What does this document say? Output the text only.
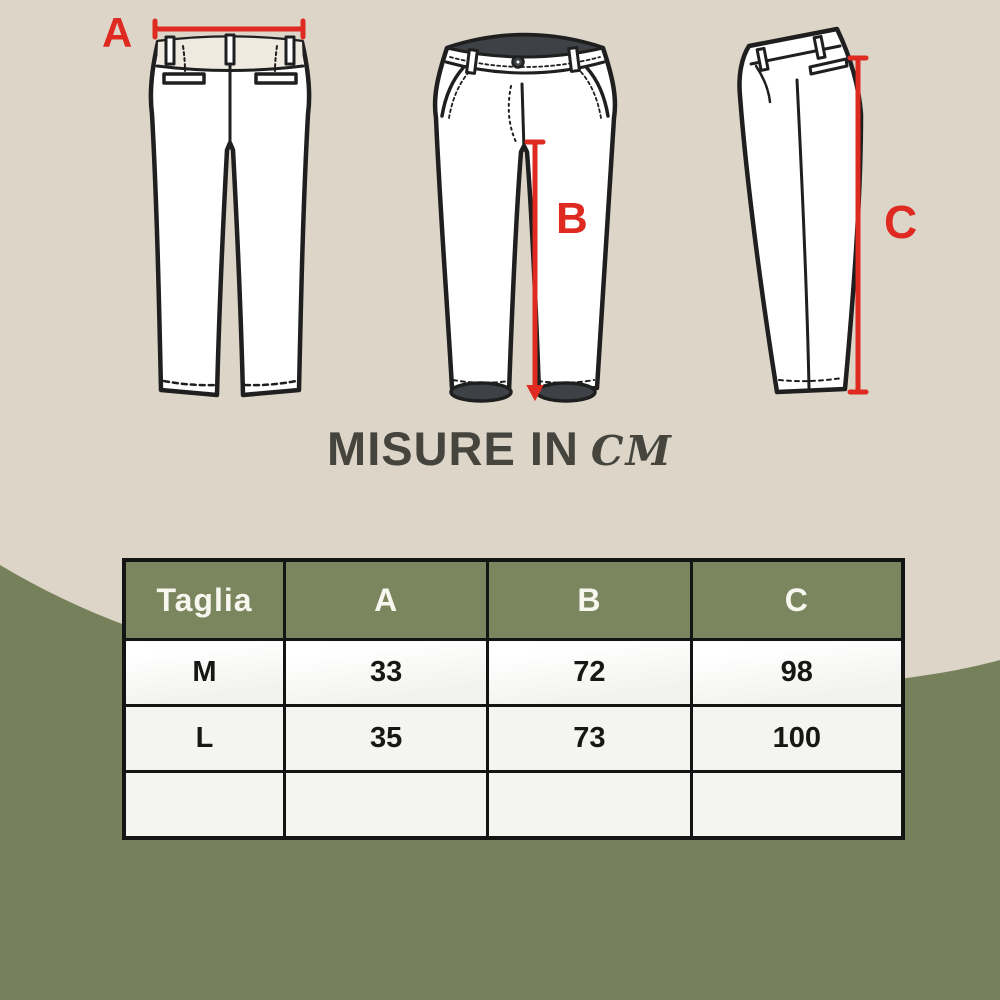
A
B	C
MISURE IN CM
Taglia	A	B	C
M	33	72	98
L	35	73	100
